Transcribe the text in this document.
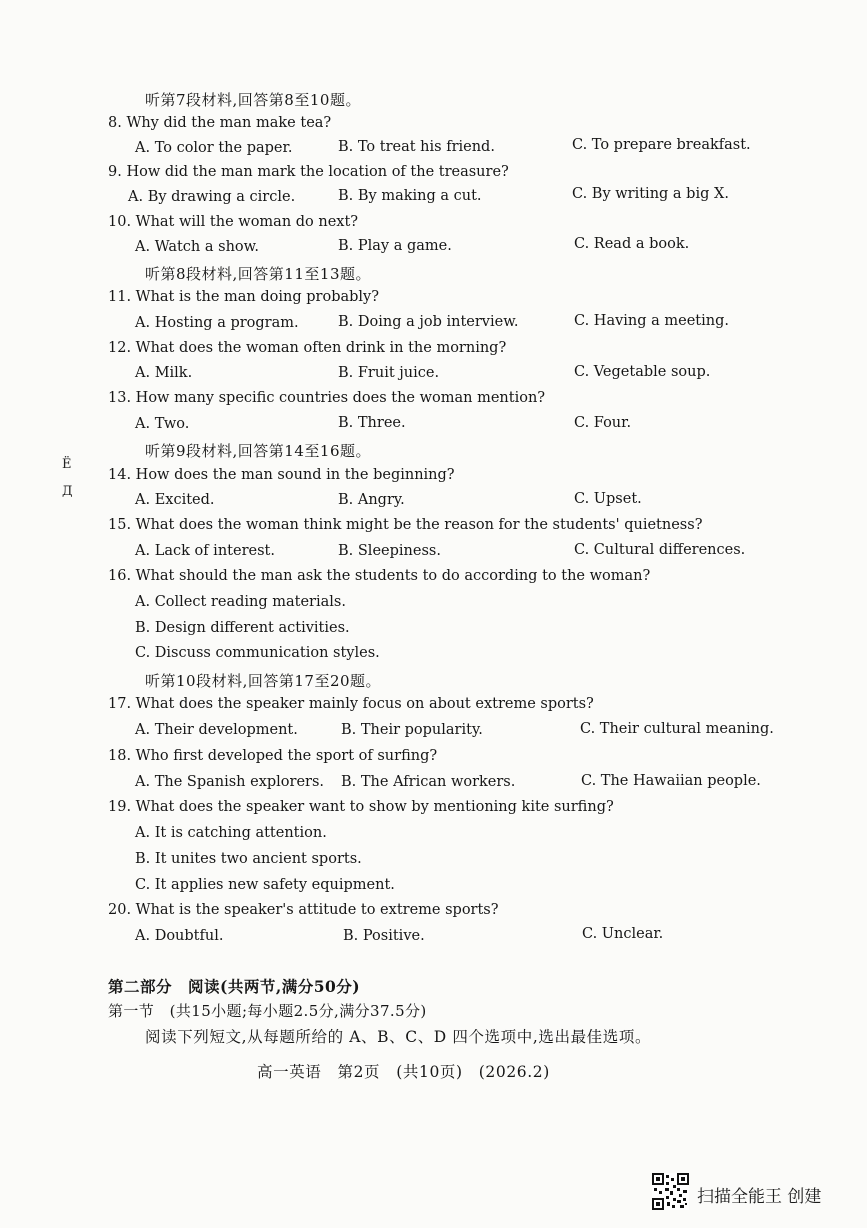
听第7段材料,回答第8至10题。
8. Why did the man make tea?
A. To color the paper.	B. To treat his friend.	C. To prepare breakfast.
9. How did the man mark the location of the treasure?
A. By drawing a circle.	B. By making a cut.	C. By writing a big X.
10. What will the woman do next?
A. Watch a show.	B. Play a game.	C. Read a book.
听第8段材料,回答第11至13题。
11. What is the man doing probably?
A. Hosting a program.	B. Doing a job interview.	C. Having a meeting.
12. What does the woman often drink in the morning?
A. Milk.	B. Fruit juice.	C. Vegetable soup.
13. How many specific countries does the woman mention?
A. Two.	B. Three.	C. Four.
听第9段材料,回答第14至16题。
Ë
Д
14. How does the man sound in the beginning?
A. Excited.	B. Angry.	C. Upset.
15. What does the woman think might be the reason for the students' quietness?
A. Lack of interest.	B. Sleepiness.	C. Cultural differences.
16. What should the man ask the students to do according to the woman?
A. Collect reading materials.
B. Design different activities.
C. Discuss communication styles.
听第10段材料,回答第17至20题。
17. What does the speaker mainly focus on about extreme sports?
A. Their development.	B. Their popularity.	C. Their cultural meaning.
18. Who first developed the sport of surfing?
A. The Spanish explorers. B. The African workers.	C. The Hawaiian people.
19. What does the speaker want to show by mentioning kite surfing?
A. It is catching attention.
B. It unites two ancient sports.
C. It applies new safety equipment.
20. What is the speaker's attitude to extreme sports?
A. Doubtful.	B. Positive.	C. Unclear.
第二部分　阅读(共两节,满分50分)
第一节　(共15小题;每小题2.5分,满分37.5分)
阅读下列短文,从每题所给的 A、B、C、D 四个选项中,选出最佳选项。
高一英语　第2页　(共10页)　(2026.2)
扫描全能王 创建
